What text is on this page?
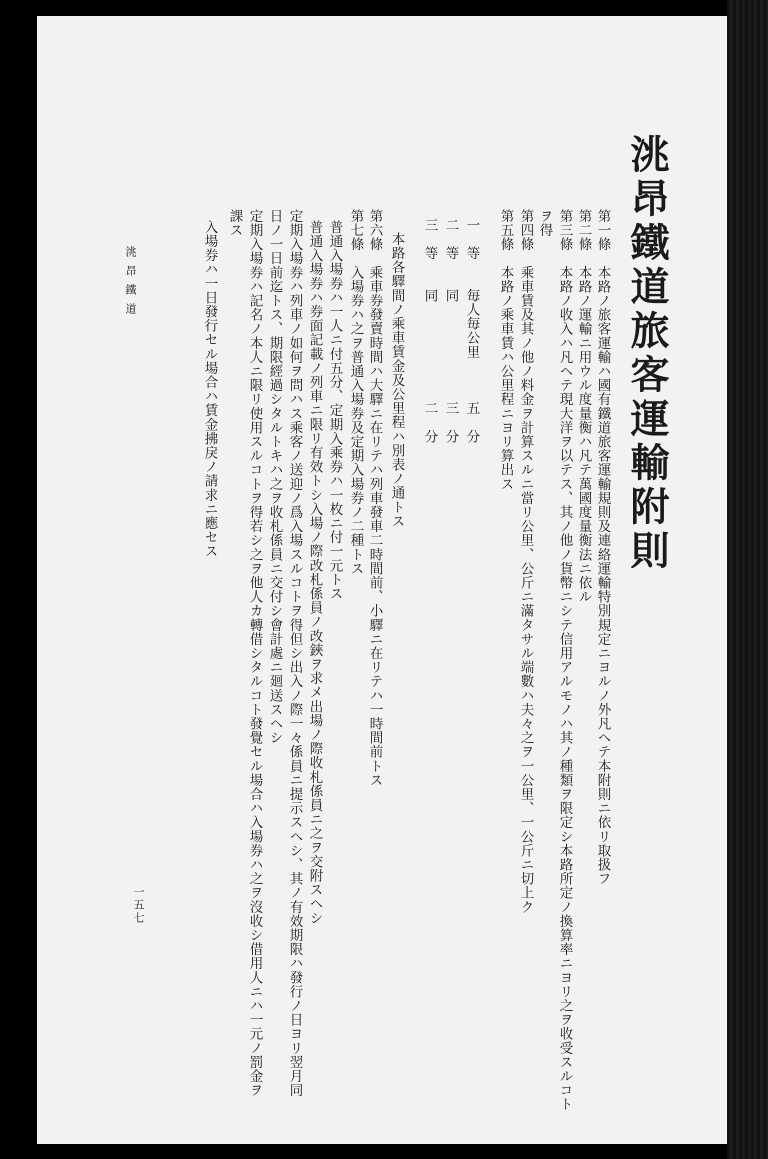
洮昂鐵道旅客運輸附則
第一條　本路ノ旅客運輸ハ國有鐵道旅客運輸規則及連絡運輸特別規定ニヨルノ外凡ヘテ本附則ニ依リ取扱フ
第二條　本路ノ運輸ニ用ウル度量衡ハ凡テ萬國度量衡法ニ依ル
第三條　本路ノ收入ハ凡ヘテ現大洋ヲ以テス、其ノ他ノ貨幣ニシテ信用アルモノハ其ノ種類ヲ限定シ本路所定ノ換算率ニヨリ之ヲ收受スルコト
ヲ得
第四條　乘車賃及其ノ他ノ料金ヲ計算スルニ當リ公里、公斤ニ滿タサル端數ハ夫々之ヲ一公里、一公斤ニ切上ク
第五條　本路ノ乘車賃ハ公里程ニヨリ算出ス
一　等　　毎人毎公里　　　五　分
二　等　　同　　　　　　　三　分
三　等　　同　　　　　　　二　分
本路各驛間ノ乘車賃金及公里程ハ別表ノ通トス
第六條　乘車券發賣時間ハ大驛ニ在リテハ列車發車二時間前、小驛ニ在リテハ一時間前トス
第七條　入場券ハ之ヲ普通入場券及定期入場券ノ二種トス
普通入場券ハ一人ニ付五分、定期入乘券ハ一枚ニ付一元トス
普通入場券ハ券面記載ノ列車ニ限リ有效トシ入場ノ際改札係員ノ改鋏ヲ求メ出場ノ際收札係員ニ之ヲ交附スヘシ
定期入場券ハ列車ノ如何ヲ問ハス乘客ノ送迎ノ爲入場スルコトヲ得但シ出入ノ際一々係員ニ提示スヘシ、其ノ有效期限ハ發行ノ日ヨリ翌月同
日ノ一日前迄トス、期限經過シタルトキハ之ヲ收札係員ニ交付シ會計處ニ廻送スヘシ
定期入場券ハ記名ノ本人ニ限リ使用スルコトヲ得若シ之ヲ他人カ轉借シタルコト發覺セル場合ハ入場券ハ之ヲ沒收シ借用人ニハ一元ノ罰金ヲ
課ス
入場券ハ一日發行セル場合ハ賃金拂戾ノ請求ニ應セス
洮昂鐵道
一五七
